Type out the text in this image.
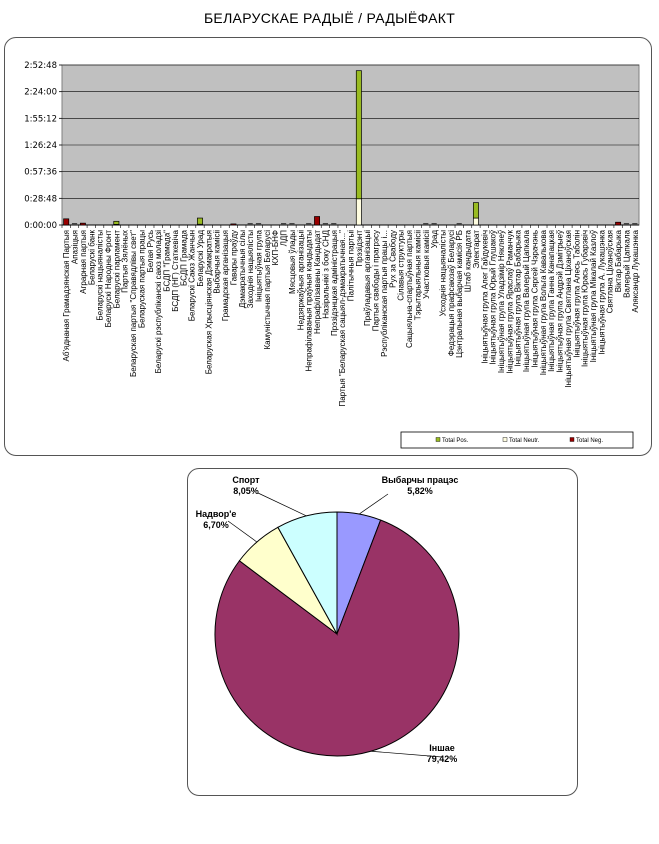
БЕЛАРУСКАЕ РАДЫЁ / РАДЫЁФАКТ
0:00:00
0:28:48
0:57:36
1:26:24
1:55:12
2:24:00
2:52:48
Аб'яднаная Грамадзянская Партыя Апазіцыя Аграрная партыя Беларускі банк Беларускі нацыяналісты Беларускі Народны Фронт Беларускі парламент Партыя Зялёных Беларуская партыя "Справядлівы свет" Беларуская партыя працы Белая Русь Беларускі рэспубліканскі саюз моладзі БСДП "Грамада" БСДП (НГ) Статкевіча БСДП Грамада Беларускі Саюз Жанчын Беларускі Урад Беларуская Хрысціянская Дэмакратыя Выбарчыя камісіі Грамадская арганізацыя Гавары праўду Дэмакратычныя сілы Заходнія нацыялісты Ініцыятыўная група Камуністычная партыя Беларусі КХП-БНФ ЛДП Мясцовыя ўлады Недзяржаўныя арганізацыі Непрафілаваныя праўныя кандыдаты Непрафілізаваны Кандыдат Назіральнікі з боку СНД Прэзідэнцкая адміністрацыя Партыя "Беларуская сацыял-дэмакратычная..." Палітычныя партыі Прэзідэнт Праўладавыя арганізацыі Партыя свабоды і прагрэсу Рэспубліканская партыя працы і... Рух за Свабоду Сілавыя структуры Сацыяльна-спартыўная партыя Тэрытарыяльныя камісіі Участковыя камісіі Урад Усходнія нацыяналісты Федэрацыя прафсаюзаў Беларусі Цэнтральная выбарчая камісія РБ Штаб кандыдата Электарат Ініцыятыўная група Алег Гайдукевіч Ініцыятыўная група Юрый Глушакоў Ініцыятыўная група Уладзімір Някляеў Ініцыятыўная група Яраслаў Раманчук Ініцыятыўная група Віктар Бабарыка Ініцыятыўная група Валерый Цапкала Ініцыятыўная група Сяргей Чэрачэнь Ініцыятыўная група Вольга Кавалькова Ініцыятыўная група Ганна Канапацкая Ініцыятыўная група Андрэй Дзмітрыеў Ініцыятыўная група Святлана Ціханоўская Ініцыятыўная група Алесь Таболін Ініцыятыўная група Юрась Губарэвіч Ініцыятыўная група Мікалай Казлоў Ініцыятыўная група А. Лукашэнка Святлана Ціханоўская Віктар Бабарыка Валерый Цапкала Аляксандр Лукашэнка
Total Pos.	Total Neutr.	Total Neg.
Выбарчы працэс
5,82%
Іншае
79,42%
Надвор'е
6,70%
Спорт
8,05%
